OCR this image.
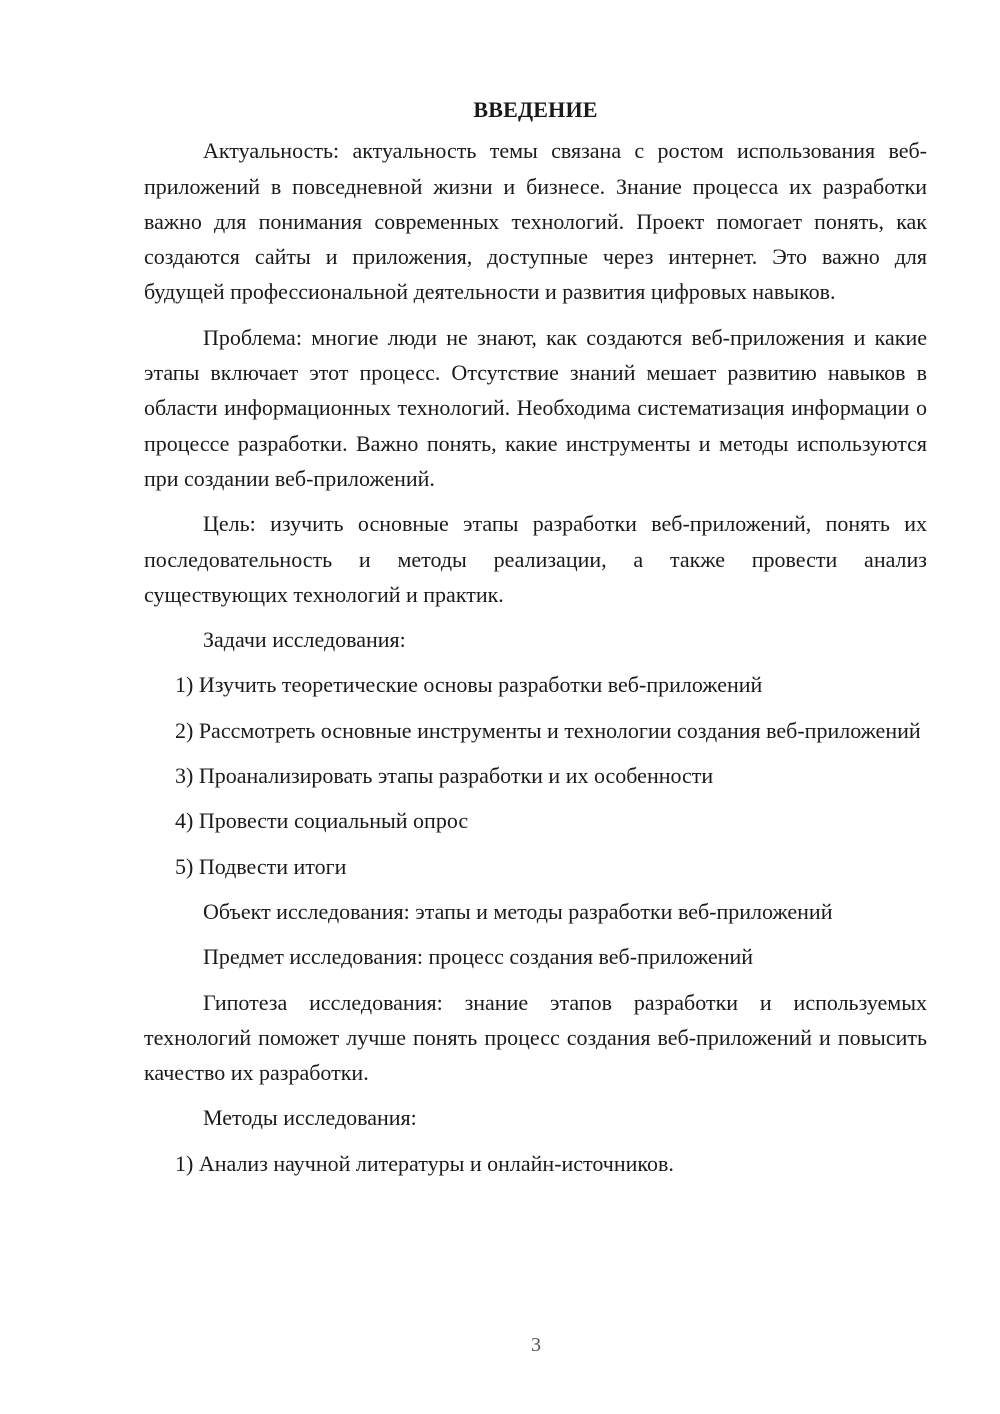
ВВЕДЕНИЕ

Актуальность: актуальность темы связана с ростом использования веб-приложений в повседневной жизни и бизнесе. Знание процесса их разработки важно для понимания современных технологий. Проект помогает понять, как создаются сайты и приложения, доступные через интернет. Это важно для будущей профессиональной деятельности и развития цифровых навыков.

Проблема: многие люди не знают, как создаются веб-приложения и какие этапы включает этот процесс. Отсутствие знаний мешает развитию навыков в области информационных технологий. Необходима систематизация информации о процессе разработки. Важно понять, какие инструменты и методы используются при создании веб-приложений.

Цель: изучить основные этапы разработки веб-приложений, понять их последовательность и методы реализации, а также провести анализ существующих технологий и практик.

Задачи исследования:

1) Изучить теоретические основы разработки веб-приложений

2) Рассмотреть основные инструменты и технологии создания веб-приложений

3) Проанализировать этапы разработки и их особенности

4) Провести социальный опрос

5) Подвести итоги

Объект исследования: этапы и методы разработки веб-приложений

Предмет исследования: процесс создания веб-приложений

Гипотеза исследования: знание этапов разработки и используемых технологий поможет лучше понять процесс создания веб-приложений и повысить качество их разработки.

Методы исследования:

1) Анализ научной литературы и онлайн-источников.

3
